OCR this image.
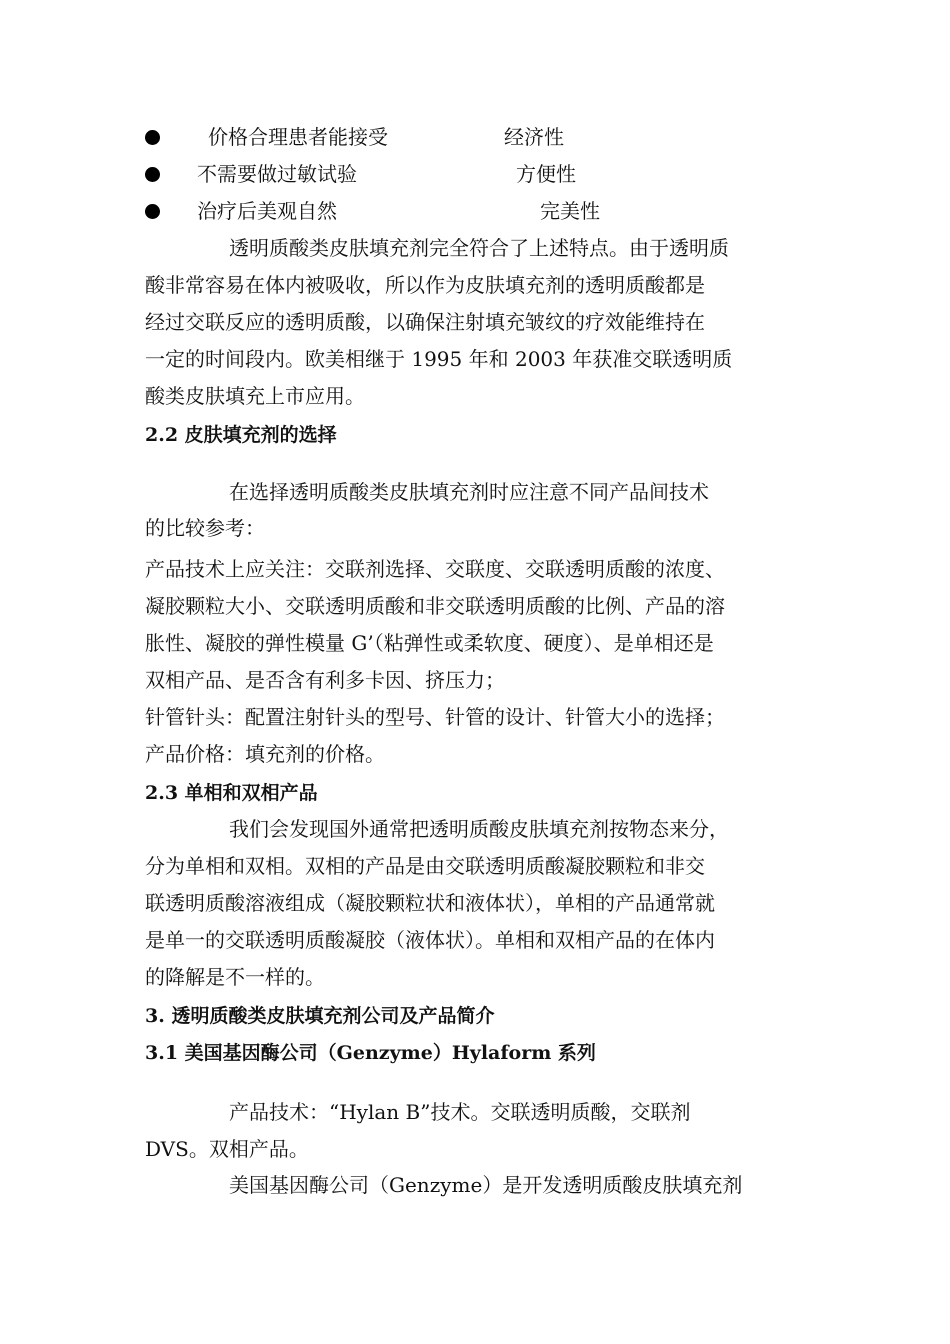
价格合理患者能接受	经济性
不需要做过敏试验	方便性
治疗后美观自然	完美性
透明质酸类皮肤填充剂完全符合了上述特点。由于透明质
酸非常容易在体内被吸收，所以作为皮肤填充剂的透明质酸都是
经过交联反应的透明质酸，以确保注射填充皱纹的疗效能维持在
一定的时间段内。欧美相继于 1995 年和 2003 年获准交联透明质
酸类皮肤填充上市应用。
2.2 皮肤填充剂的选择
在选择透明质酸类皮肤填充剂时应注意不同产品间技术
的比较参考：
产品技术上应关注：交联剂选择、交联度、交联透明质酸的浓度、
凝胶颗粒大小、交联透明质酸和非交联透明质酸的比例、产品的溶
胀性、凝胶的弹性模量 G’（粘弹性或柔软度、硬度）、是单相还是
双相产品、是否含有利多卡因、挤压力；
针管针头：配置注射针头的型号、针管的设计、针管大小的选择；
产品价格：填充剂的价格。
2.3 单相和双相产品
我们会发现国外通常把透明质酸皮肤填充剂按物态来分，
分为单相和双相。双相的产品是由交联透明质酸凝胶颗粒和非交
联透明质酸溶液组成（凝胶颗粒状和液体状），单相的产品通常就
是单一的交联透明质酸凝胶（液体状）。单相和双相产品的在体内
的降解是不一样的。
3. 透明质酸类皮肤填充剂公司及产品简介
3.1 美国基因酶公司（Genzyme）Hylaform 系列
产品技术：“Hylan B”技术。交联透明质酸，交联剂
DVS。双相产品。
美国基因酶公司（Genzyme）是开发透明质酸皮肤填充剂
